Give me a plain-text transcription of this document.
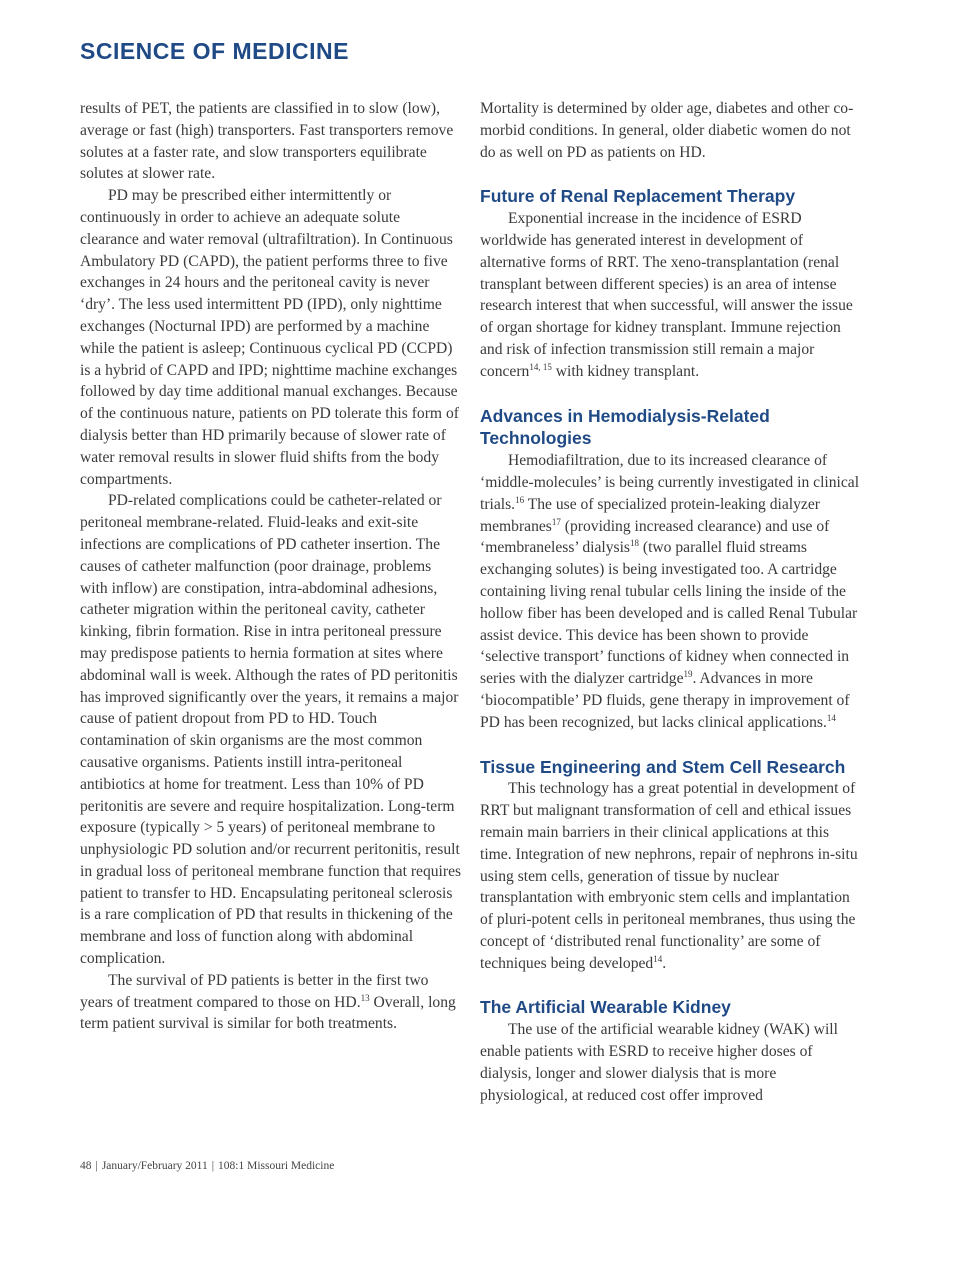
SCIENCE OF MEDICINE

results of PET, the patients are classified in to slow (low), average or fast (high) transporters. Fast transporters remove solutes at a faster rate, and slow transporters equilibrate solutes at slower rate.

PD may be prescribed either intermittently or continuously in order to achieve an adequate solute clearance and water removal (ultrafiltration). In Continuous Ambulatory PD (CAPD), the patient performs three to five exchanges in 24 hours and the peritoneal cavity is never ‘dry’. The less used intermittent PD (IPD), only nighttime exchanges (Nocturnal IPD) are performed by a machine while the patient is asleep; Continuous cyclical PD (CCPD) is a hybrid of CAPD and IPD; nighttime machine exchanges followed by day time additional manual exchanges. Because of the continuous nature, patients on PD tolerate this form of dialysis better than HD primarily because of slower rate of water removal results in slower fluid shifts from the body compartments.

PD-related complications could be catheter-related or peritoneal membrane-related. Fluid-leaks and exit-site infections are complications of PD catheter insertion. The causes of catheter malfunction (poor drainage, problems with inflow) are constipation, intra-abdominal adhesions, catheter migration within the peritoneal cavity, catheter kinking, fibrin formation. Rise in intra peritoneal pressure may predispose patients to hernia formation at sites where abdominal wall is week. Although the rates of PD peritonitis has improved significantly over the years, it remains a major cause of patient dropout from PD to HD. Touch contamination of skin organisms are the most common causative organisms. Patients instill intra-peritoneal antibiotics at home for treatment. Less than 10% of PD peritonitis are severe and require hospitalization. Long-term exposure (typically > 5 years) of peritoneal membrane to unphysiologic PD solution and/or recurrent peritonitis, result in gradual loss of peritoneal membrane function that requires patient to transfer to HD. Encapsulating peritoneal sclerosis is a rare complication of PD that results in thickening of the membrane and loss of function along with abdominal complication.

The survival of PD patients is better in the first two years of treatment compared to those on HD.$^{13}$ Overall, long term patient survival is similar for both treatments.

Mortality is determined by older age, diabetes and other co-morbid conditions. In general, older diabetic women do not do as well on PD as patients on HD.

Future of Renal Replacement Therapy

Exponential increase in the incidence of ESRD worldwide has generated interest in development of alternative forms of RRT. The xeno-transplantation (renal transplant between different species) is an area of intense research interest that when successful, will answer the issue of organ shortage for kidney transplant. Immune rejection and risk of infection transmission still remain a major concern$^{14, 15}$ with kidney transplant.

Advances in Hemodialysis-Related Technologies

Hemodiafiltration, due to its increased clearance of ‘middle-molecules’ is being currently investigated in clinical trials.$^{16}$ The use of specialized protein-leaking dialyzer membranes$^{17}$ (providing increased clearance) and use of ‘membraneless’ dialysis$^{18}$ (two parallel fluid streams exchanging solutes) is being investigated too. A cartridge containing living renal tubular cells lining the inside of the hollow fiber has been developed and is called Renal Tubular assist device. This device has been shown to provide ‘selective transport’ functions of kidney when connected in series with the dialyzer cartridge$^{19}$. Advances in more ‘biocompatible’ PD fluids, gene therapy in improvement of PD has been recognized, but lacks clinical applications.$^{14}$

Tissue Engineering and Stem Cell Research

This technology has a great potential in development of RRT but malignant transformation of cell and ethical issues remain main barriers in their clinical applications at this time. Integration of new nephrons, repair of nephrons in-situ using stem cells, generation of tissue by nuclear transplantation with embryonic stem cells and implantation of pluri-potent cells in peritoneal membranes, thus using the concept of ‘distributed renal functionality’ are some of techniques being developed$^{14}$.

The Artificial Wearable Kidney

The use of the artificial wearable kidney (WAK) will enable patients with ESRD to receive higher doses of dialysis, longer and slower dialysis that is more physiological, at reduced cost offer improved

48 | January/February 2011 | 108:1 Missouri Medicine
